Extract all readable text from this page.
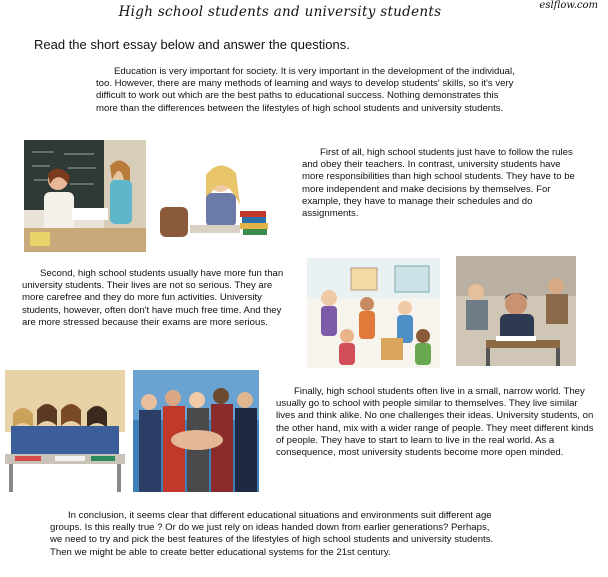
High school students and university students	eslflow.com
Read the short essay below and answer the questions.
Education is very important for society. It is very important in the development of the individual, too. However, there are many methods of learning and ways to develop students' skills, so it's very difficult to work out which are the best paths to educational success. Nothing demonstrates this more than the differences between the lifestyles of high school students and university students.
First of all, high school students just have to follow the rules and obey their teachers. In contrast, university students have more responsibilities than high school students. They have to be more independent and make decisions by themselves. For example, they have to manage their schedules and do assignments.
Second, high school students usually have more fun than university students. Their lives are not so serious. They are more carefree and they do more fun activities. University students, however, often don't have much free time. And they are more stressed because their exams are more serious.
Finally, high school students often live in a small, narrow world. They usually go to school with people similar to themselves. They live similar lives and think alike. No one challenges their ideas. University students, on the other hand, mix with a wider range of people. They meet different kinds of people. They have to start to learn to live in the real world. As a consequence, most university students become more open minded.
In conclusion, it seems clear that different educational situations and environments suit different age groups. Is this really true ? Or do we just rely on ideas handed down from earlier generations? Perhaps, we need to try and pick the best features of the lifestyles of high school students and university students. Then we might be able to create better educational systems for the 21st century.
